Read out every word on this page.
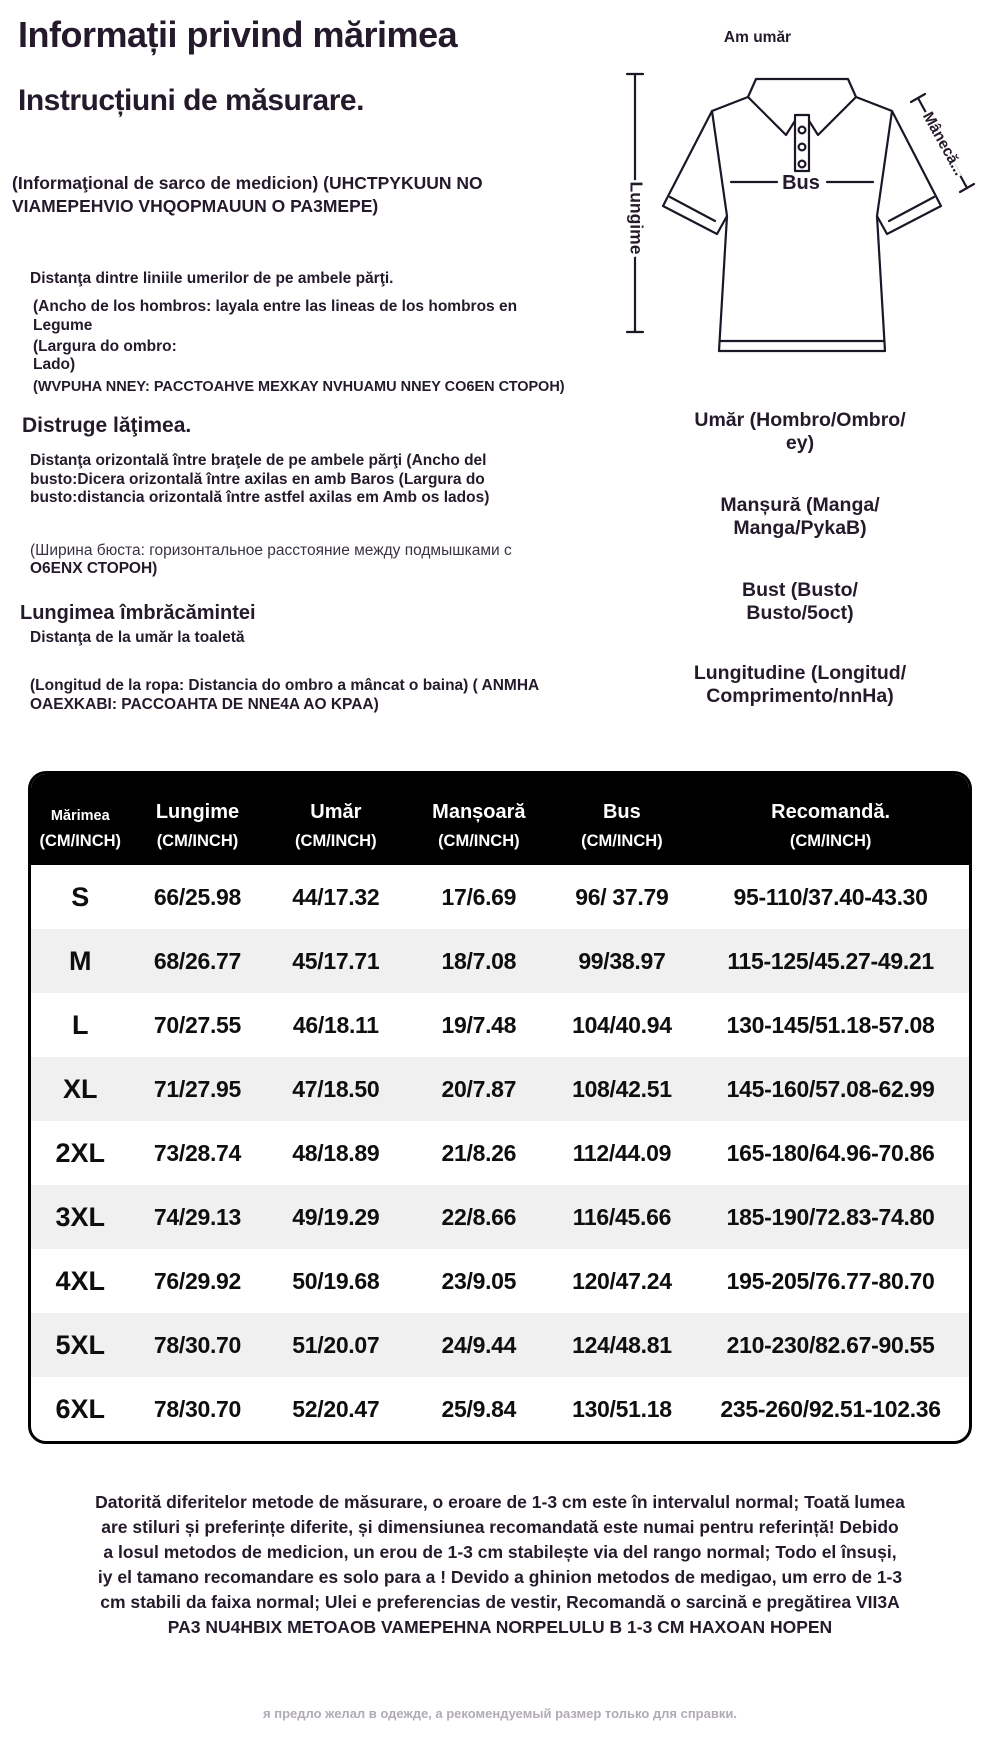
Informații privind mărimea
Instrucțiuni de măsurare.

(Informaţional de sarco de medicion) (UHCTPYKUUN NO VIAMEPEHVIO VHQOPMAUUN O PA3MEPE)

Distanţa dintre liniile umerilor de pe ambele părţi.
(Ancho de los hombros: layala entre las lineas de los hombros en Legume
(Largura do ombro:
Lado)
(WVPUHA NNEY: PACCTOAHVE MEXKAY NVHUAMU NNEY CO6EN СТОРОН)
Distruge lăţimea.
Distanţa orizontală între braţele de pe ambele părţi (Ancho del busto:Dicera orizontală între axilas en amb Baros (Largura do busto:distancia orizontală între astfel axilas em Amb os lados)
(Ширина бюста: горизонтальное расстояние между подмышками с
О6ENX СТОРОН)
Lungimea îmbrăcămintei
Distanţa de la umăr la toaletă
(Longitud de la ropa: Distancia do ombro a mâncat o baina) ( ANMHA OAEXKABI: PACCOAHTA DE NNE4A AO KPAA)
Am umăr
Lungime	Bus
Mânecă...
Umăr (Hombro/Ombro/
ey)
Manșură (Manga/
Manga/PykaB)
Bust (Busto/
Busto/5oct)
Lungitudine (Longitud/
Comprimento/nnHa)
Mărimea
(CM/INCH)

Lungime
(CM/INCH)

Umăr
(CM/INCH)

Manșoară
(CM/INCH)

Bus
(CM/INCH)

Recomandă.
(CM/INCH)

S	66/25.98	44/17.32	17/6.69	96/ 37.79	95-110/37.40-43.30
M	68/26.77	45/17.71	18/7.08	99/38.97	115-125/45.27-49.21
L	70/27.55	46/18.11	19/7.48	104/40.94	130-145/51.18-57.08
XL	71/27.95	47/18.50	20/7.87	108/42.51	145-160/57.08-62.99
2XL	73/28.74	48/18.89	21/8.26	112/44.09	165-180/64.96-70.86
3XL	74/29.13	49/19.29	22/8.66	116/45.66	185-190/72.83-74.80
4XL	76/29.92	50/19.68	23/9.05	120/47.24	195-205/76.77-80.70
5XL	78/30.70	51/20.07	24/9.44	124/48.81	210-230/82.67-90.55
6XL	78/30.70	52/20.47	25/9.84	130/51.18	235-260/92.51-102.36
Datorită diferitelor metode de măsurare, o eroare de 1-3 cm este în intervalul normal; Toată lumea are stiluri și preferințe diferite, și dimensiunea recomandată este numai pentru referință! Debido a losul metodos de medicion, un erou de 1-3 cm stabilește via del rango normal; Todo el însuși, iy el tamano recomandare es solo para a ! Devido a ghinion metodos de medigao, um erro de 1-3 cm stabili da faixa normal; Ulei e preferencias de vestir, Recomandă o sarcină e pregătirea VII3A PA3 NU4HBIX METOAOB VAMEPEHNA NORPELULU B 1-3 CM HAXOAN HOPEN
я предло желал в одежде, а рекомендуемый размер только для справки.
